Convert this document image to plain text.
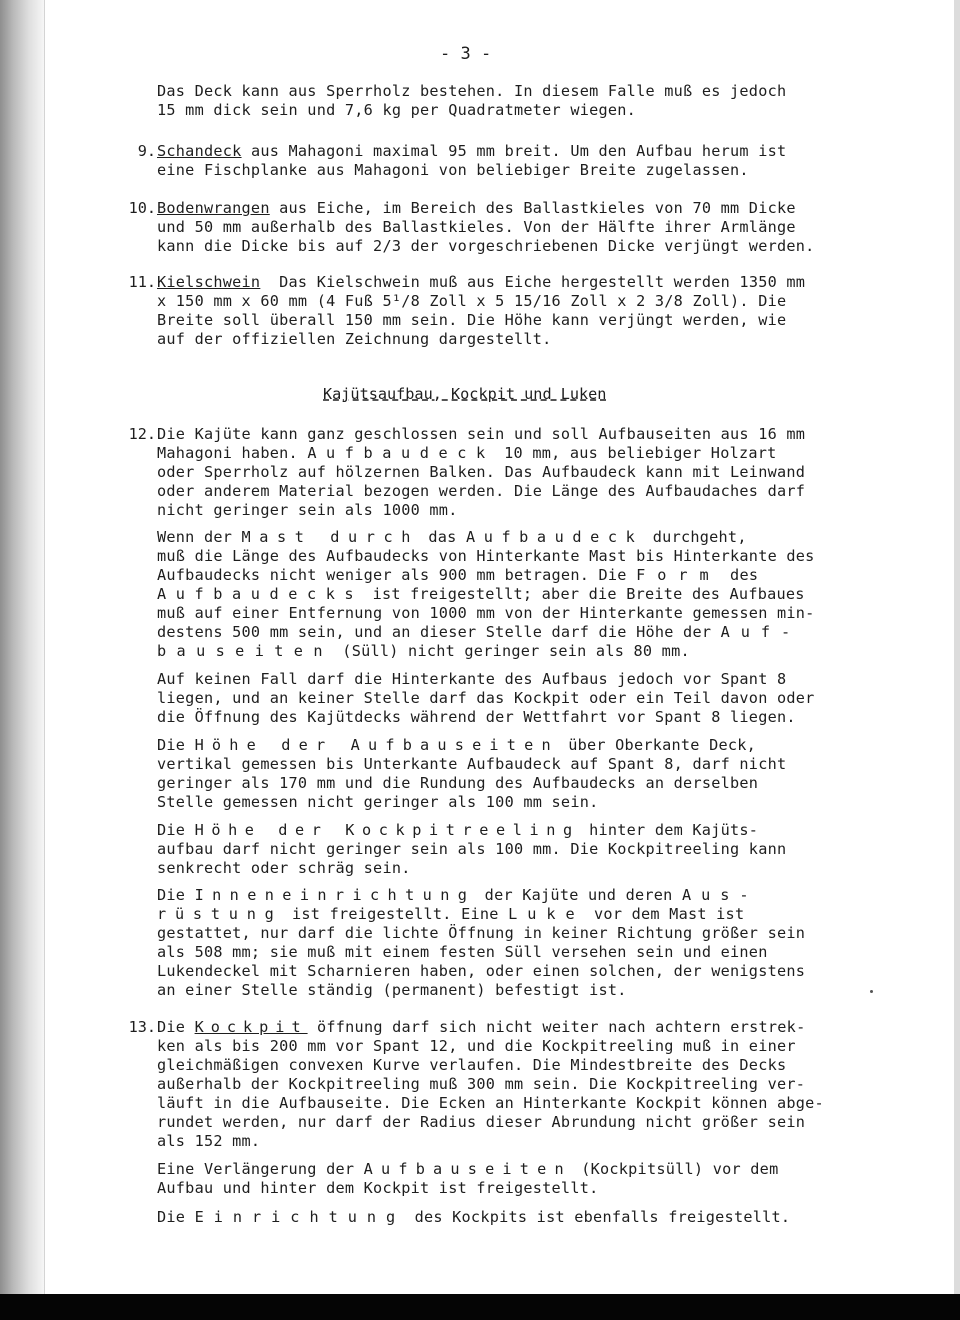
- 3 -
Das Deck kann aus Sperrholz bestehen. In diesem Falle muß es jedoch
15 mm dick sein und 7,6 kg per Quadratmeter wiegen.
9. Schandeck aus Mahagoni maximal 95 mm breit. Um den Aufbau herum ist
eine Fischplanke aus Mahagoni von beliebiger Breite zugelassen.
10. Bodenwrangen aus Eiche, im Bereich des Ballastkieles von 70 mm Dicke
und 50 mm außerhalb des Ballastkieles. Von der Hälfte ihrer Armlänge
kann die Dicke bis auf 2/3 der vorgeschriebenen Dicke verjüngt werden.
11. Kielschwein  Das Kielschwein muß aus Eiche hergestellt werden 1350 mm
x 150 mm x 60 mm (4 Fuß 5¹/8 Zoll x 5 15/16 Zoll x 2 3/8 Zoll). Die
Breite soll überall 150 mm sein. Die Höhe kann verjüngt werden, wie
auf der offiziellen Zeichnung dargestellt.
Kajütsaufbau, Kockpit und Luken
12. Die Kajüte kann ganz geschlossen sein und soll Aufbauseiten aus 16 mm
Mahagoni haben. Aufbaudeck 10 mm, aus beliebiger Holzart
oder Sperrholz auf hölzernen Balken. Das Aufbaudeck kann mit Leinwand
oder anderem Material bezogen werden. Die Länge des Aufbaudaches darf
nicht geringer sein als 1000 mm.
Wenn der Mast durch das Aufbaudeck durchgeht,
muß die Länge des Aufbaudecks von Hinterkante Mast bis Hinterkante des
Aufbaudecks nicht weniger als 900 mm betragen. Die Form des
Aufbaudecks ist freigestellt; aber die Breite des Aufbaues
muß auf einer Entfernung von 1000 mm von der Hinterkante gemessen min-
destens 500 mm sein, und an dieser Stelle darf die Höhe der Auf-
bauseiten (Süll) nicht geringer sein als 80 mm.
Auf keinen Fall darf die Hinterkante des Aufbaus jedoch vor Spant 8
liegen, und an keiner Stelle darf das Kockpit oder ein Teil davon oder
die Öffnung des Kajütdecks während der Wettfahrt vor Spant 8 liegen.
Die Höhe der Aufbauseiten über Oberkante Deck,
vertikal gemessen bis Unterkante Aufbaudeck auf Spant 8, darf nicht
geringer als 170 mm und die Rundung des Aufbaudecks an derselben
Stelle gemessen nicht geringer als 100 mm sein.
Die Höhe der Kockpitreeling hinter dem Kajüts-
aufbau darf nicht geringer sein als 100 mm. Die Kockpitreeling kann
senkrecht oder schräg sein.
Die Inneneinrichtung der Kajüte und deren Aus-
rüstung ist freigestellt. Eine Luke vor dem Mast ist
gestattet, nur darf die lichte Öffnung in keiner Richtung größer sein
als 508 mm; sie muß mit einem festen Süll versehen sein und einen
Lukendeckel mit Scharnieren haben, oder einen solchen, der wenigstens
an einer Stelle ständig (permanent) befestigt ist.
13. Die Kockpit öffnung darf sich nicht weiter nach achtern erstrek-
ken als bis 200 mm vor Spant 12, und die Kockpitreeling muß in einer
gleichmäßigen convexen Kurve verlaufen. Die Mindestbreite des Decks
außerhalb der Kockpitreeling muß 300 mm sein. Die Kockpitreeling ver-
läuft in die Aufbauseite. Die Ecken an Hinterkante Kockpit können abge-
rundet werden, nur darf der Radius dieser Abrundung nicht größer sein
als 152 mm.
Eine Verlängerung der Aufbauseiten (Kockpitsüll) vor dem
Aufbau und hinter dem Kockpit ist freigestellt.
Die Einrichtung des Kockpits ist ebenfalls freigestellt.
